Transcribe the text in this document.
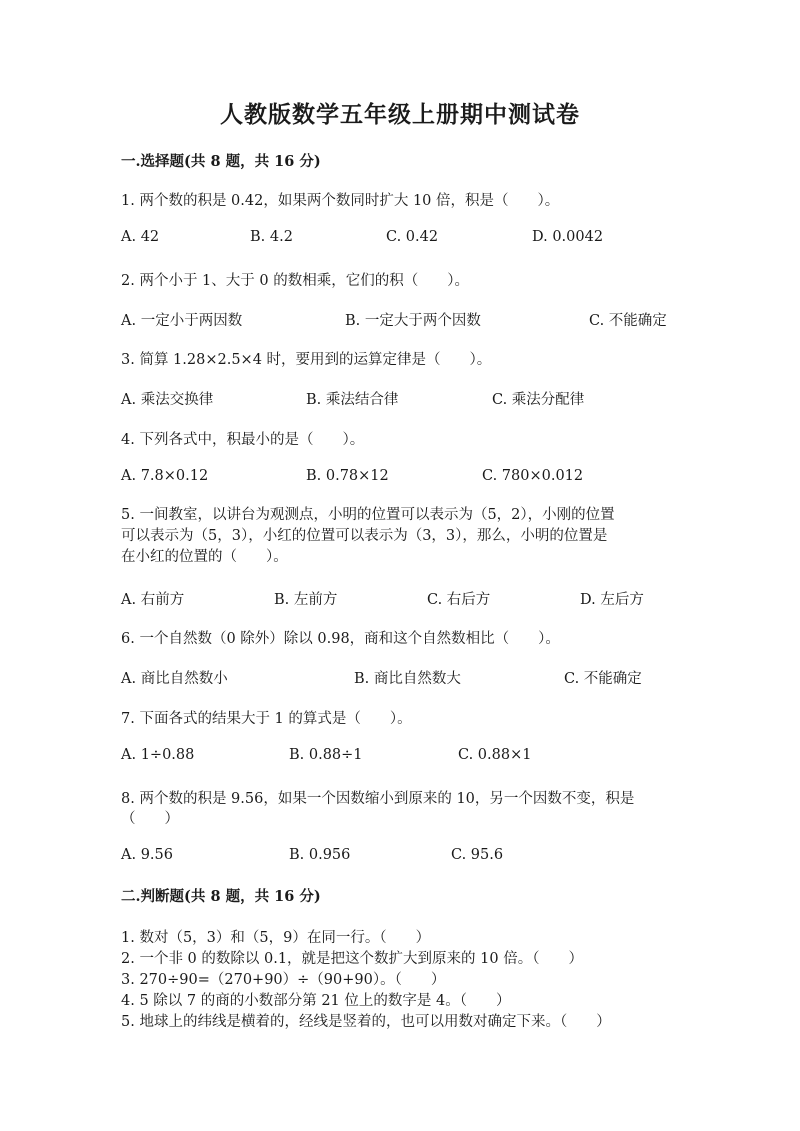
人教版数学五年级上册期中测试卷
一.选择题(共 8 题，共 16 分)
1. 两个数的积是 0.42，如果两个数同时扩大 10 倍，积是（　　）。
A. 42	B. 4.2	C. 0.42	D. 0.0042
2. 两个小于 1、大于 0 的数相乘，它们的积（　　）。
A. 一定小于两因数	B. 一定大于两个因数	C. 不能确定
3. 简算 1.28×2.5×4 时，要用到的运算定律是（　　）。
A. 乘法交换律	B. 乘法结合律	C. 乘法分配律
4. 下列各式中，积最小的是（　　）。
A. 7.8×0.12	B. 0.78×12	C. 780×0.012
5. 一间教室，以讲台为观测点，小明的位置可以表示为（5，2），小刚的位置
可以表示为（5，3），小红的位置可以表示为（3，3），那么，小明的位置是
在小红的位置的（　　）。
A. 右前方	B. 左前方	C. 右后方	D. 左后方
6. 一个自然数（0 除外）除以 0.98，商和这个自然数相比（　　）。
A. 商比自然数小	B. 商比自然数大	C. 不能确定
7. 下面各式的结果大于 1 的算式是（　　）。
A. 1÷0.88	B. 0.88÷1	C. 0.88×1
8. 两个数的积是 9.56，如果一个因数缩小到原来的 10，另一个因数不变，积是
（　　）
A. 9.56	B. 0.956	C. 95.6
二.判断题(共 8 题，共 16 分)
1. 数对（5，3）和（5，9）在同一行。（　　）
2. 一个非 0 的数除以 0.1，就是把这个数扩大到原来的 10 倍。（　　）
3. 270÷90=（270+90）÷（90+90）。（　　）
4. 5 除以 7 的商的小数部分第 21 位上的数字是 4。（　　）
5. 地球上的纬线是横着的，经线是竖着的，也可以用数对确定下来。（　　）
